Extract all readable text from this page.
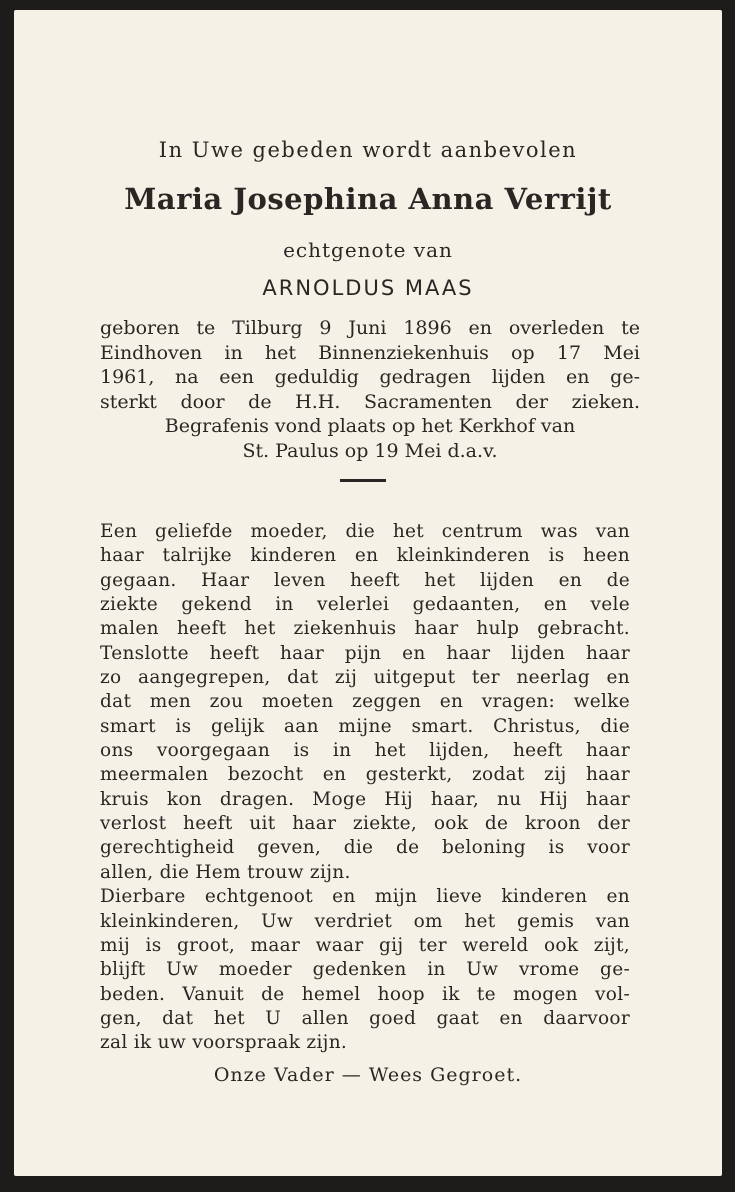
In Uwe gebeden wordt aanbevolen
Maria Josephina Anna Verrijt
echtgenote van
ARNOLDUS MAAS
geboren te Tilburg 9 Juni 1896 en overleden te
Eindhoven in het Binnenziekenhuis op 17 Mei
1961, na een geduldig gedragen lijden en ge-
sterkt door de H.H. Sacramenten der zieken.
Begrafenis vond plaats op het Kerkhof van
St. Paulus op 19 Mei d.a.v.
Een geliefde moeder, die het centrum was van
haar talrijke kinderen en kleinkinderen is heen
gegaan. Haar leven heeft het lijden en de
ziekte gekend in velerlei gedaanten, en vele
malen heeft het ziekenhuis haar hulp gebracht.
Tenslotte heeft haar pijn en haar lijden haar
zo aangegrepen, dat zij uitgeput ter neerlag en
dat men zou moeten zeggen en vragen: welke
smart is gelijk aan mijne smart. Christus, die
ons voorgegaan is in het lijden, heeft haar
meermalen bezocht en gesterkt, zodat zij haar
kruis kon dragen. Moge Hij haar, nu Hij haar
verlost heeft uit haar ziekte, ook de kroon der
gerechtigheid geven, die de beloning is voor
allen, die Hem trouw zijn.
Dierbare echtgenoot en mijn lieve kinderen en
kleinkinderen, Uw verdriet om het gemis van
mij is groot, maar waar gij ter wereld ook zijt,
blijft Uw moeder gedenken in Uw vrome ge-
beden. Vanuit de hemel hoop ik te mogen vol-
gen, dat het U allen goed gaat en daarvoor
zal ik uw voorspraak zijn.
Onze Vader — Wees Gegroet.
